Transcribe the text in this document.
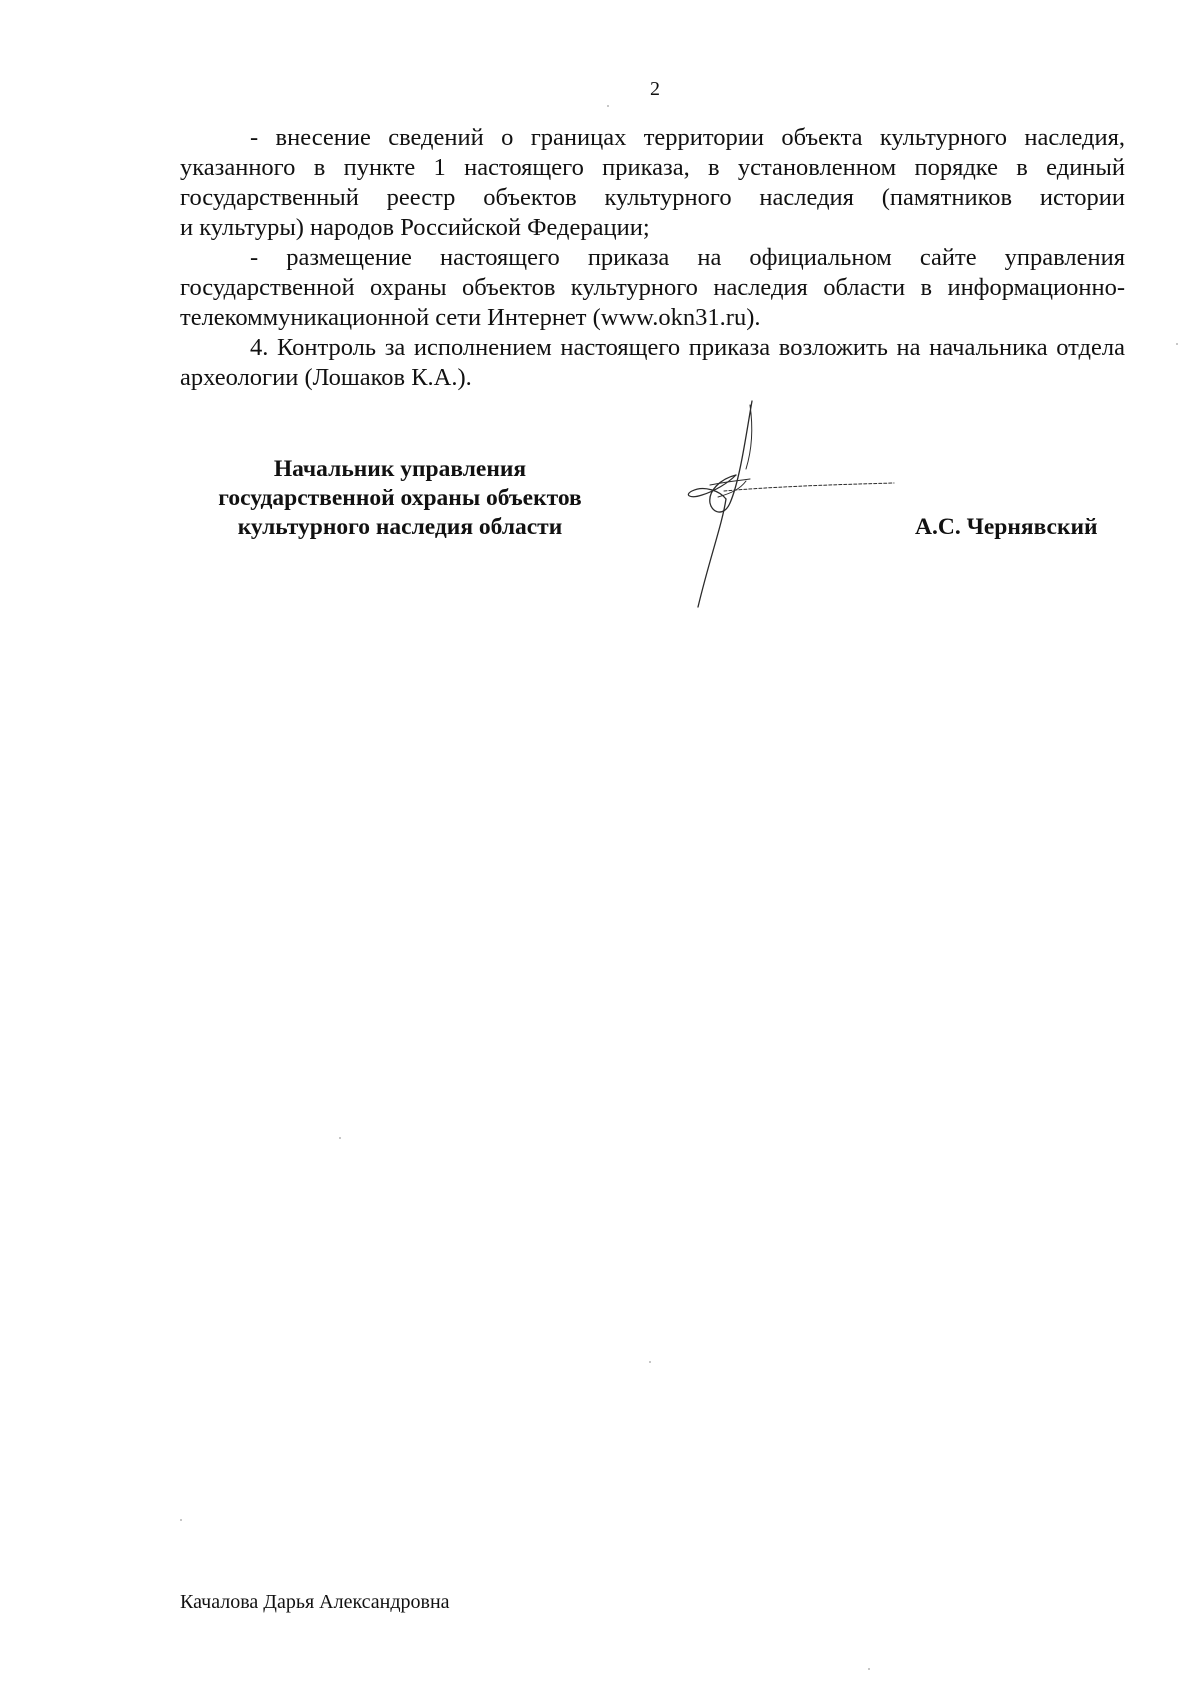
2
- внесение сведений о границах территории объекта культурного наследия,
указанного в пункте 1 настоящего приказа, в установленном порядке в единый
государственный реестр объектов культурного наследия (памятников истории
и культуры) народов Российской Федерации;
- размещение настоящего приказа на официальном сайте управления
государственной охраны объектов культурного наследия области в информационно-
телекоммуникационной сети Интернет (www.okn31.ru).
4. Контроль за исполнением настоящего приказа возложить на начальника отдела
археологии (Лошаков К.А.).
Начальник управления
государственной охраны объектов
культурного наследия области	А.С. Чернявский
Качалова Дарья Александровна
